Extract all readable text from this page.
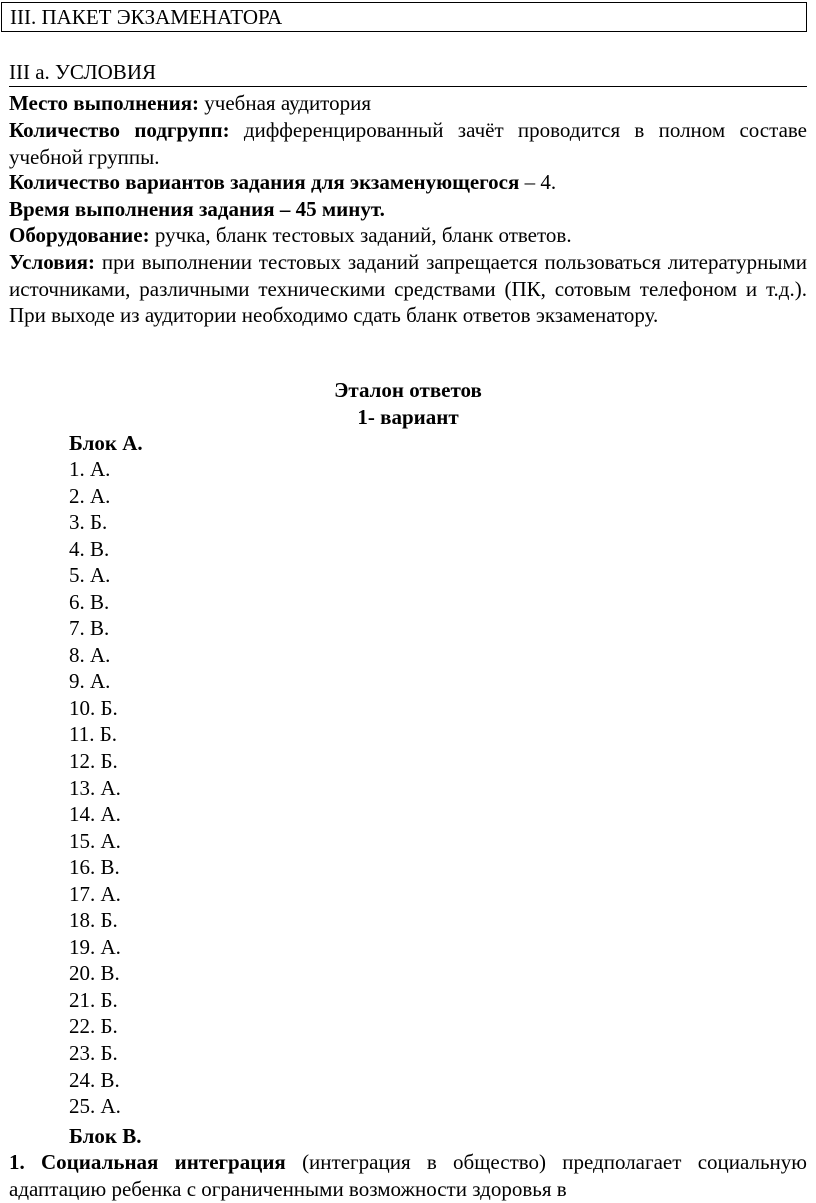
III. ПАКЕТ ЭКЗАМЕНАТОРА
III а. УСЛОВИЯ
Место выполнения: учебная аудитория
Количество подгрупп: дифференцированный зачёт проводится в полном составе учебной группы.
Количество вариантов задания для экзаменующегося – 4.
Время выполнения задания – 45 минут.
Оборудование: ручка, бланк тестовых заданий, бланк ответов.
Условия: при выполнении тестовых заданий запрещается пользоваться литературными источниками, различными техническими средствами (ПК, сотовым телефоном и т.д.). При выходе из аудитории необходимо сдать бланк ответов экзаменатору.
Эталон ответов
1- вариант
Блок А.
1. А.
2. А.
3. Б.
4. В.
5. А.
6. В.
7. В.
8. А.
9. А.
10. Б.
11. Б.
12. Б.
13. А.
14. А.
15. А.
16. В.
17. А.
18. Б.
19. А.
20. В.
21. Б.
22. Б.
23. Б.
24. В.
25. А.
Блок В.
1. Социальная интеграция (интеграция в общество) предполагает социальную адаптацию ребенка с ограниченными возможности здоровья в
